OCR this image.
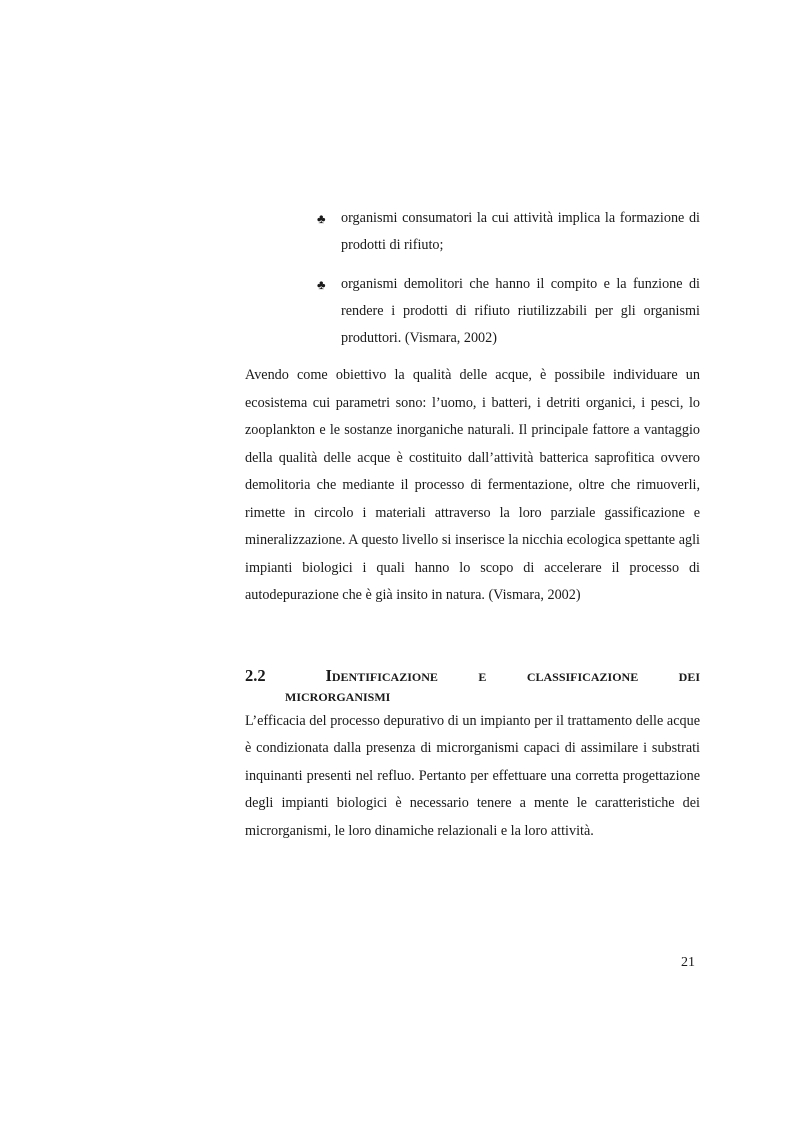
♣ organismi consumatori la cui attività implica la formazione di prodotti di rifiuto;
♣ organismi demolitori che hanno il compito e la funzione di rendere i prodotti di rifiuto riutilizzabili per gli organismi produttori. (Vismara, 2002)

Avendo come obiettivo la qualità delle acque, è possibile individuare un ecosistema cui parametri sono: l’uomo, i batteri, i detriti organici, i pesci, lo zooplankton e le sostanze inorganiche naturali. Il principale fattore a vantaggio della qualità delle acque è costituito dall’attività batterica saprofitica ovvero demolitoria che mediante il processo di fermentazione, oltre che rimuoverli, rimette in circolo i materiali attraverso la loro parziale gassificazione e mineralizzazione. A questo livello si inserisce la nicchia ecologica spettante agli impianti biologici i quali hanno lo scopo di accelerare il processo di autodepurazione che è già insito in natura. (Vismara, 2002)

2.2	Identificazione e classificazione dei
microrganismi

L’efficacia del processo depurativo di un impianto per il trattamento delle acque è condizionata dalla presenza di microrganismi capaci di assimilare i substrati inquinanti presenti nel refluo. Pertanto per effettuare una corretta progettazione degli impianti biologici è necessario tenere a mente le caratteristiche dei microrganismi, le loro dinamiche relazionali e la loro attività.

21
